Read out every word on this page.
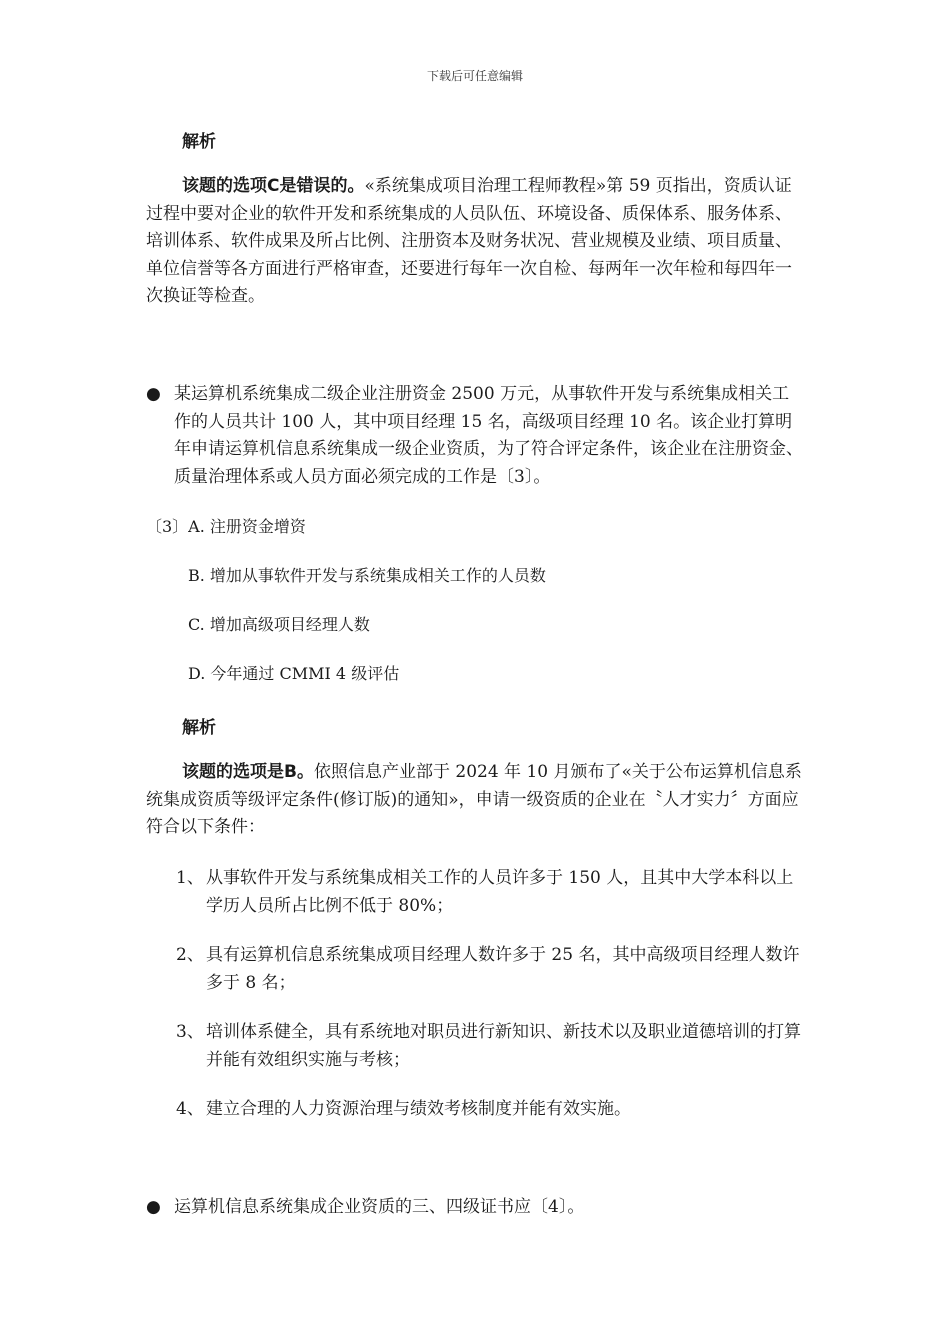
下载后可任意编辑
解析
该题的选项C是错误的。«系统集成项目治理工程师教程»第 59 页指出，资质认证过程中要对企业的软件开发和系统集成的人员队伍、环境设备、质保体系、服务体系、培训体系、软件成果及所占比例、注册资本及财务状况、营业规模及业绩、项目质量、单位信誉等各方面进行严格审查，还要进行每年一次自检、每两年一次年检和每四年一次换证等检查。
● 某运算机系统集成二级企业注册资金 2500 万元，从事软件开发与系统集成相关工作的人员共计 100 人，其中项目经理 15 名，高级项目经理 10 名。该企业打算明年申请运算机信息系统集成一级企业资质，为了符合评定条件，该企业在注册资金、质量治理体系或人员方面必须完成的工作是〔3〕。
〔3〕A. 注册资金增资
B. 增加从事软件开发与系统集成相关工作的人员数
C. 增加高级项目经理人数
D. 今年通过 CMMI 4 级评估
解析
该题的选项是B。依照信息产业部于 2024 年 10 月颁布了«关于公布运算机信息系统集成资质等级评定条件(修订版)的通知»，申请一级资质的企业在〝人才实力〞方面应符合以下条件：
1、 从事软件开发与系统集成相关工作的人员许多于 150 人，且其中大学本科以上学历人员所占比例不低于 80%；
2、 具有运算机信息系统集成项目经理人数许多于 25 名，其中高级项目经理人数许多于 8 名；
3、 培训体系健全，具有系统地对职员进行新知识、新技术以及职业道德培训的打算并能有效组织实施与考核；
4、 建立合理的人力资源治理与绩效考核制度并能有效实施。
● 运算机信息系统集成企业资质的三、四级证书应〔4〕。
